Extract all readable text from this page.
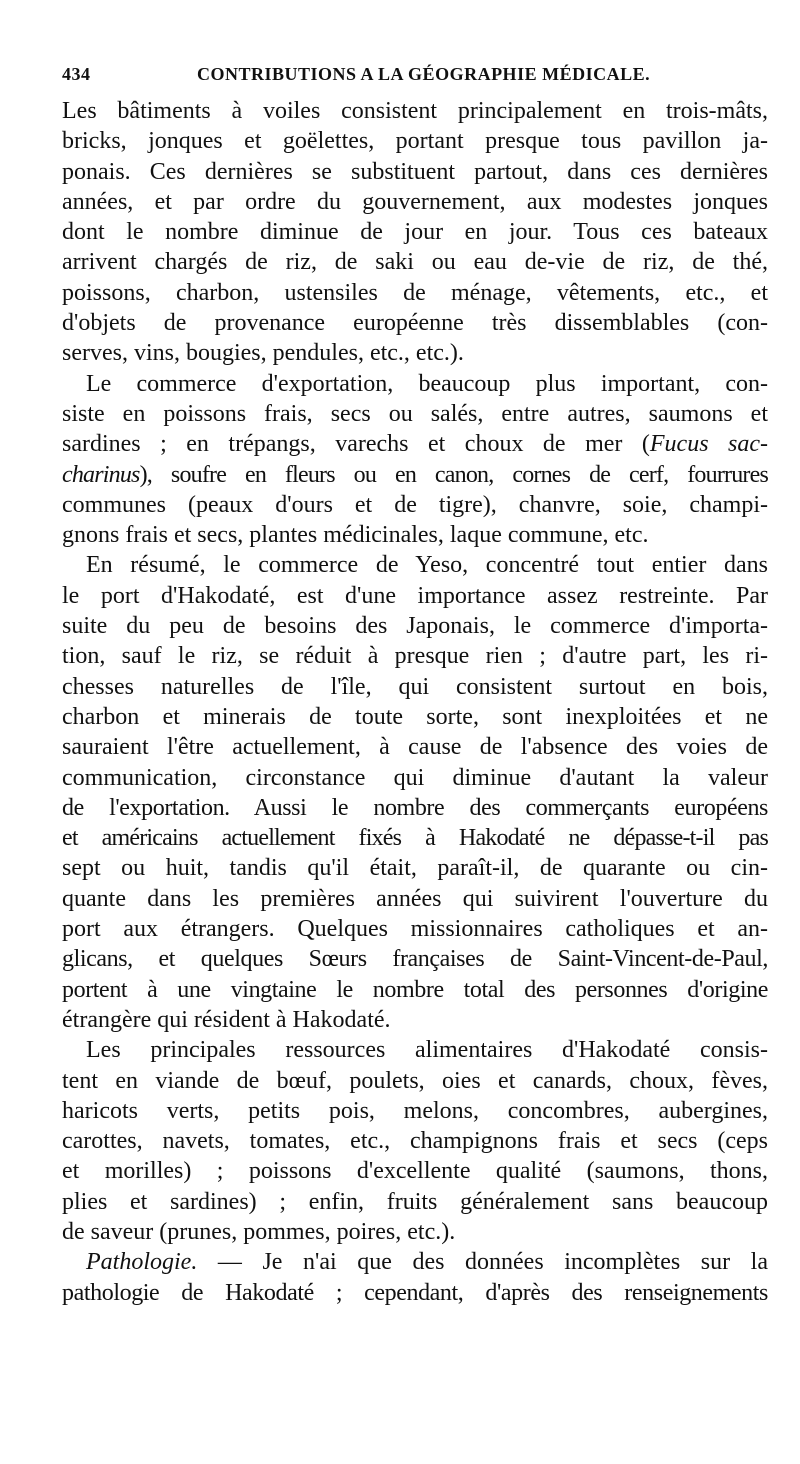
434	CONTRIBUTIONS A LA GÉOGRAPHIE MÉDICALE.
Les bâtiments à voiles consistent principalement en trois-mâts,
bricks, jonques et goëlettes, portant presque tous pavillon ja-
ponais. Ces dernières se substituent partout, dans ces dernières
années, et par ordre du gouvernement, aux modestes jonques
dont le nombre diminue de jour en jour. Tous ces bateaux
arrivent chargés de riz, de saki ou eau de-vie de riz, de thé,
poissons, charbon, ustensiles de ménage, vêtements, etc., et
d'objets de provenance européenne très dissemblables (con-
serves, vins, bougies, pendules, etc., etc.).
Le commerce d'exportation, beaucoup plus important, con-
siste en poissons frais, secs ou salés, entre autres, saumons et
sardines ; en trépangs, varechs et choux de mer (Fucus sac-
charinus), soufre en fleurs ou en canon, cornes de cerf, fourrures
communes (peaux d'ours et de tigre), chanvre, soie, champi-
gnons frais et secs, plantes médicinales, laque commune, etc.
En résumé, le commerce de Yeso, concentré tout entier dans
le port d'Hakodaté, est d'une importance assez restreinte. Par
suite du peu de besoins des Japonais, le commerce d'importa-
tion, sauf le riz, se réduit à presque rien ; d'autre part, les ri-
chesses naturelles de l'île, qui consistent surtout en bois,
charbon et minerais de toute sorte, sont inexploitées et ne
sauraient l'être actuellement, à cause de l'absence des voies de
communication, circonstance qui diminue d'autant la valeur
de l'exportation. Aussi le nombre des commerçants européens
et américains actuellement fixés à Hakodaté ne dépasse-t-il pas
sept ou huit, tandis qu'il était, paraît-il, de quarante ou cin-
quante dans les premières années qui suivirent l'ouverture du
port aux étrangers. Quelques missionnaires catholiques et an-
glicans, et quelques Sœurs françaises de Saint-Vincent-de-Paul,
portent à une vingtaine le nombre total des personnes d'origine
étrangère qui résident à Hakodaté.
Les principales ressources alimentaires d'Hakodaté consis-
tent en viande de bœuf, poulets, oies et canards, choux, fèves,
haricots verts, petits pois, melons, concombres, aubergines,
carottes, navets, tomates, etc., champignons frais et secs (ceps
et morilles) ; poissons d'excellente qualité (saumons, thons,
plies et sardines) ; enfin, fruits généralement sans beaucoup
de saveur (prunes, pommes, poires, etc.).
Pathologie. — Je n'ai que des données incomplètes sur la
pathologie de Hakodaté ; cependant, d'après des renseignements
